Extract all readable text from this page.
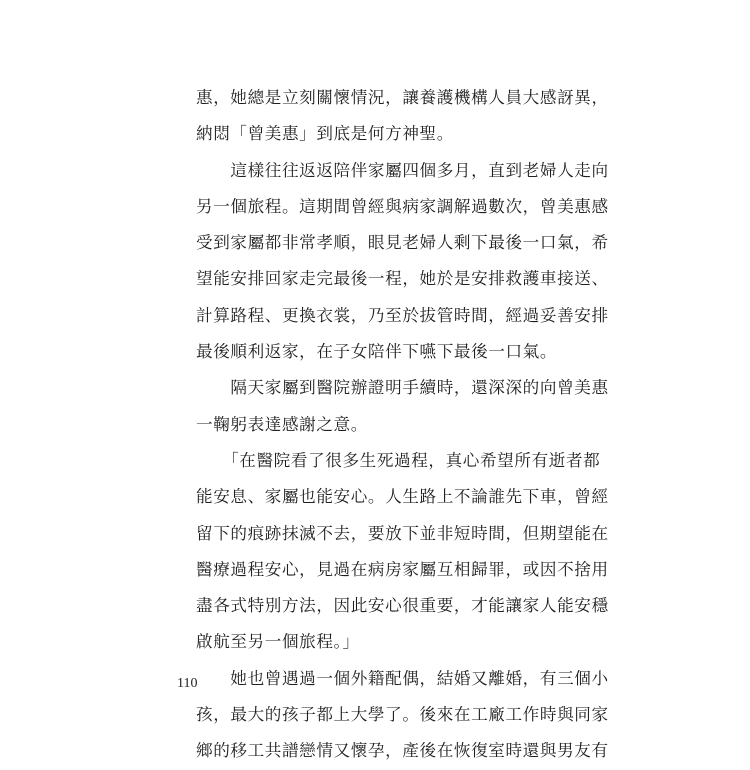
惠，她總是立刻關懷情況，讓養護機構人員大感訝異，
納悶「曾美惠」到底是何方神聖。
　　這樣往往返返陪伴家屬四個多月，直到老婦人走向
另一個旅程。這期間曾經與病家調解過數次，曾美惠感
受到家屬都非常孝順，眼見老婦人剩下最後一口氣，希
望能安排回家走完最後一程，她於是安排救護車接送、
計算路程、更換衣裳，乃至於拔管時間，經過妥善安排
最後順利返家，在子女陪伴下嚥下最後一口氣。
　　隔天家屬到醫院辦證明手續時，還深深的向曾美惠
一鞠躬表達感謝之意。
　　「在醫院看了很多生死過程，真心希望所有逝者都
能安息、家屬也能安心。人生路上不論誰先下車，曾經
留下的痕跡抹滅不去，要放下並非短時間，但期望能在
醫療過程安心，見過在病房家屬互相歸罪，或因不捨用
盡各式特別方法，因此安心很重要，才能讓家人能安穩
啟航至另一個旅程。」
　　她也曾遇過一個外籍配偶，結婚又離婚，有三個小
孩，最大的孩子都上大學了。後來在工廠工作時與同家
鄉的移工共譜戀情又懷孕，產後在恢復室時還與男友有
110
